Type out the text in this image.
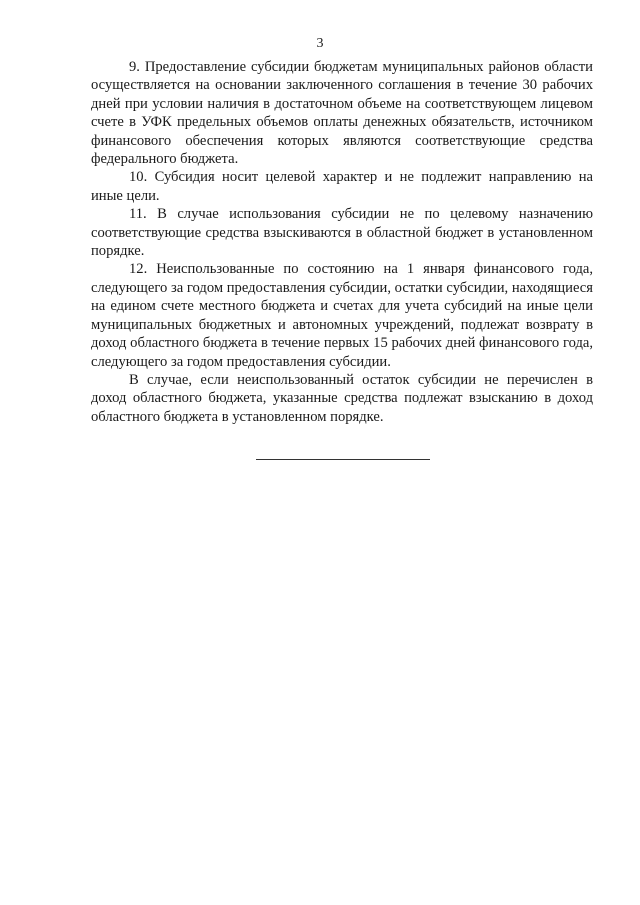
3

9. Предоставление субсидии бюджетам муниципальных районов области осуществляется на основании заключенного соглашения в течение 30 рабочих дней при условии наличия в достаточном объеме на соответствующем лицевом счете в УФК предельных объемов оплаты денежных обязательств, источником финансового обеспечения которых являются соответствующие средства федерального бюджета.

10. Субсидия носит целевой характер и не подлежит направлению на иные цели.

11. В случае использования субсидии не по целевому назначению соответствующие средства взыскиваются в областной бюджет в установленном порядке.

12. Неиспользованные по состоянию на 1 января финансового года, следующего за годом предоставления субсидии, остатки субсидии, находящиеся на едином счете местного бюджета и счетах для учета субсидий на иные цели муниципальных бюджетных и автономных учреждений, подлежат возврату в доход областного бюджета в течение первых 15 рабочих дней финансового года, следующего за годом предоставления субсидии.

В случае, если неиспользованный остаток субсидии не перечислен в доход областного бюджета, указанные средства подлежат взысканию в доход областного бюджета в установленном порядке.
